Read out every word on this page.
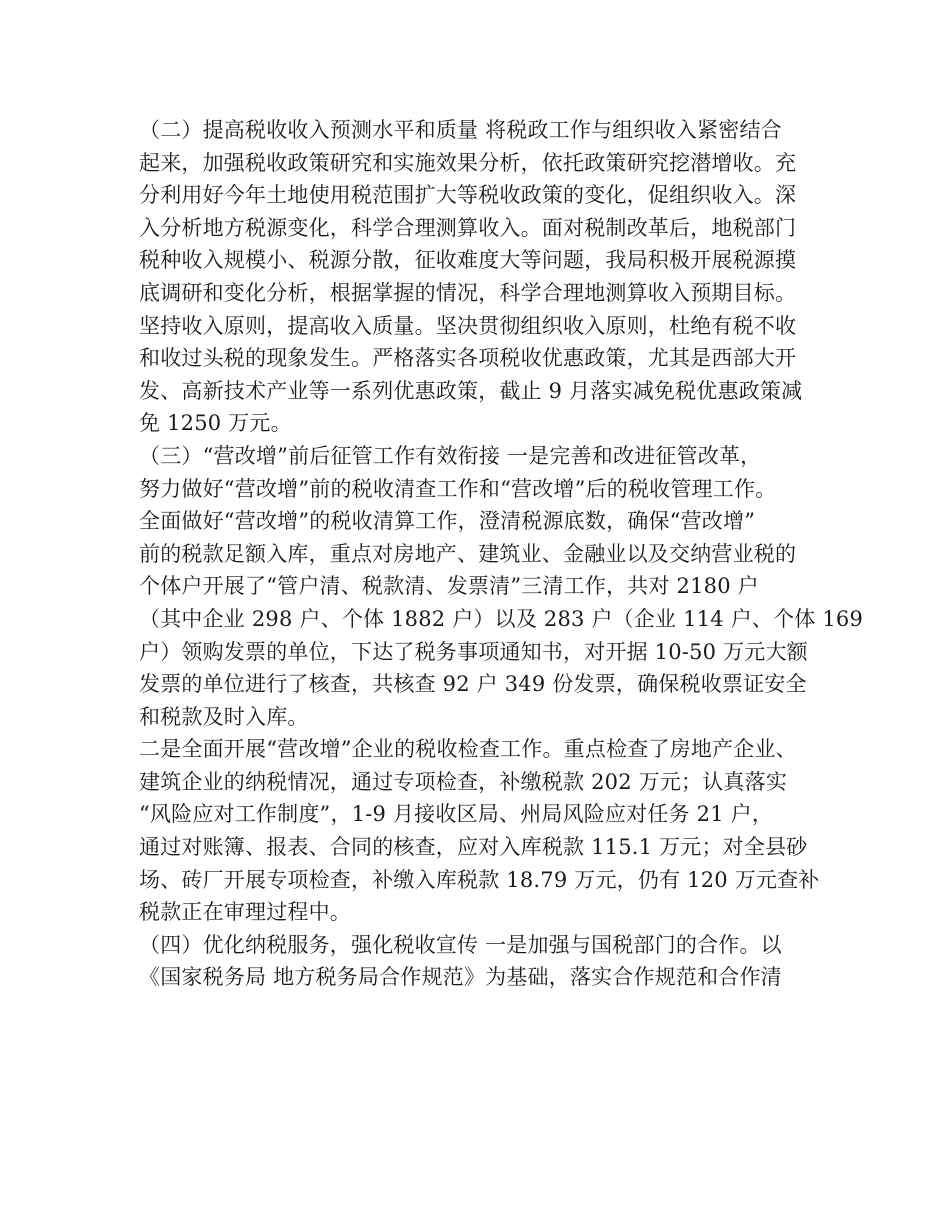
（二）提高税收收入预测水平和质量 将税政工作与组织收入紧密结合
起来，加强税收政策研究和实施效果分析，依托政策研究挖潜增收。充
分利用好今年土地使用税范围扩大等税收政策的变化，促组织收入。深
入分析地方税源变化，科学合理测算收入。面对税制改革后，地税部门
税种收入规模小、税源分散，征收难度大等问题，我局积极开展税源摸
底调研和变化分析，根据掌握的情况，科学合理地测算收入预期目标。
坚持收入原则，提高收入质量。坚决贯彻组织收入原则，杜绝有税不收
和收过头税的现象发生。严格落实各项税收优惠政策，尤其是西部大开
发、高新技术产业等一系列优惠政策，截止 9 月落实减免税优惠政策减
免 1250 万元。
（三）“营改增”前后征管工作有效衔接 一是完善和改进征管改革，
努力做好“营改增”前的税收清查工作和“营改增”后的税收管理工作。
全面做好“营改增”的税收清算工作，澄清税源底数，确保“营改增”
前的税款足额入库，重点对房地产、建筑业、金融业以及交纳营业税的
个体户开展了“管户清、税款清、发票清”三清工作，共对 2180 户
（其中企业 298 户、个体 1882 户）以及 283 户（企业 114 户、个体 169
户）领购发票的单位，下达了税务事项通知书，对开据 10-50 万元大额
发票的单位进行了核查，共核查 92 户 349 份发票，确保税收票证安全
和税款及时入库。
二是全面开展“营改增”企业的税收检查工作。重点检查了房地产企业、
建筑企业的纳税情况，通过专项检查，补缴税款 202 万元；认真落实
“风险应对工作制度”，1-9 月接收区局、州局风险应对任务 21 户，
通过对账簿、报表、合同的核查，应对入库税款 115.1 万元；对全县砂
场、砖厂开展专项检查，补缴入库税款 18.79 万元，仍有 120 万元查补
税款正在审理过程中。
（四）优化纳税服务，强化税收宣传 一是加强与国税部门的合作。以
《国家税务局 地方税务局合作规范》为基础，落实合作规范和合作清
